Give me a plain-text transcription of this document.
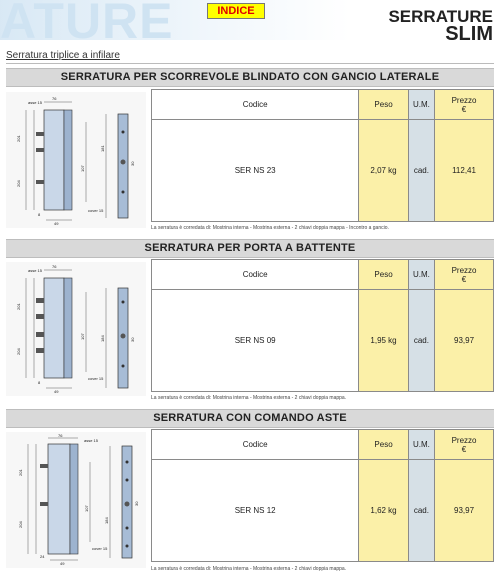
ATURE	INDICE	SERRATURE
SLIM
Serratura triplice a infilare
SERRATURA PER SCORREVOLE BLINDATO CON GANCIO LATERALE
asse 15
cover 15
76
201
204
181
107
49
8
30
Codice	Peso	U.M.	Prezzo
€
SER NS 23	2,07 kg	cad.	112,41
La serratura è corredata di: Mostrina interna - Mostrina esterna - 2 chiavi doppia mappa - Incontro a gancio.
SERRATURA PER PORTA A BATTENTE
asse 15
cover 15
76
201
204
184
107
49
8
30
Codice	Peso	U.M.	Prezzo
€
SER NS 09	1,95 kg	cad.	93,97
La serratura è corredata di: Mostrina interna - Mostrina esterna - 2 chiavi doppia mappa.
SERRATURA CON COMANDO ASTE
asse 15
cover 15
76
201
204
184
107
49
24
30
Codice	Peso	U.M.	Prezzo
€
SER NS 12	1,62 kg	cad.	93,97
La serratura è corredata di: Mostrina interna - Mostrina esterna - 2 chiavi doppia mappa.
